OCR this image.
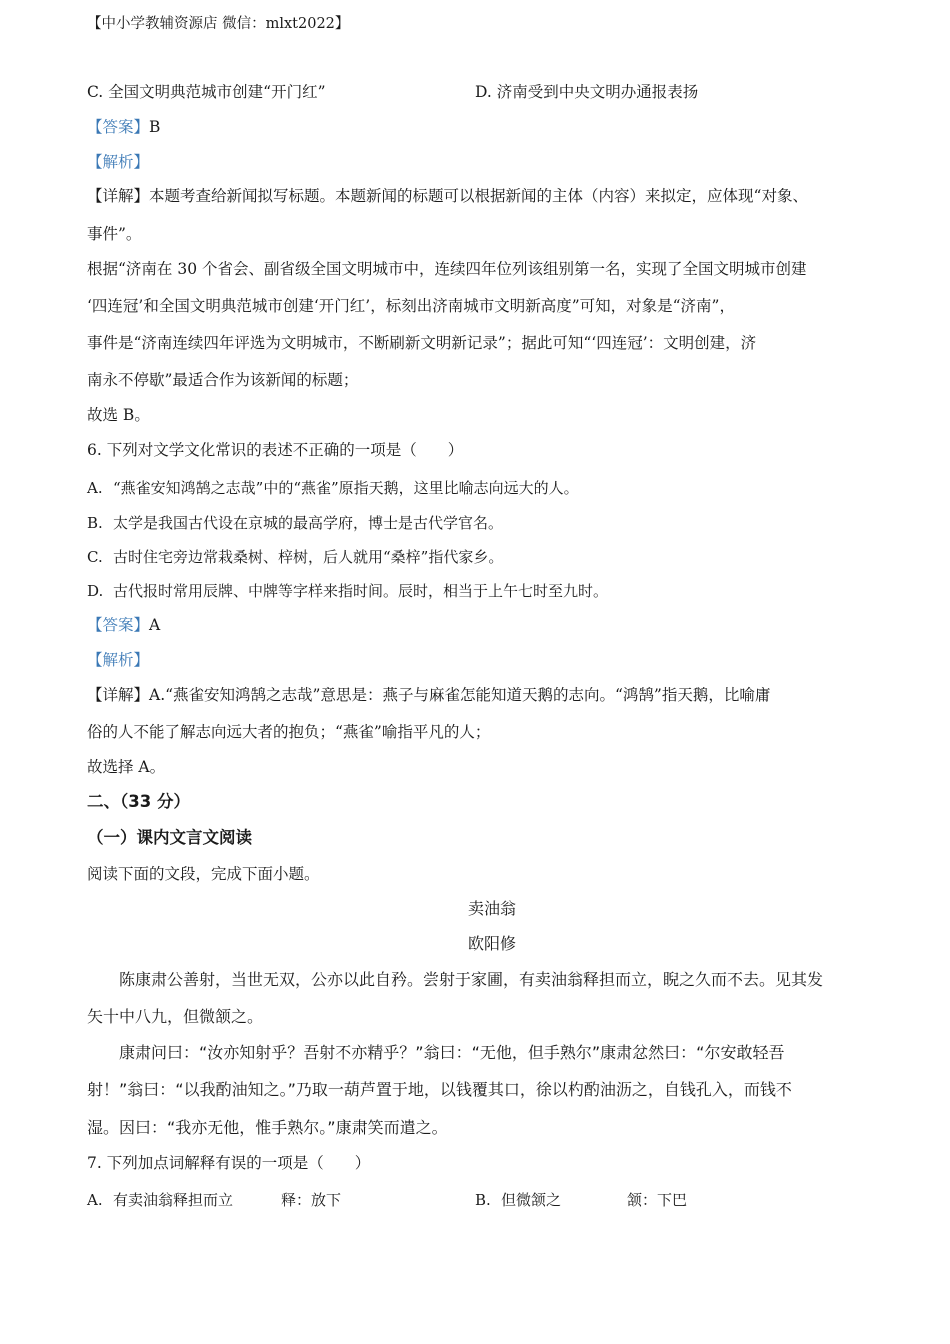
【中小学教辅资源店 微信：mlxt2022】
C. 全国文明典范城市创建“开门红”	D. 济南受到中央文明办通报表扬
【答案】B
【解析】
【详解】本题考查给新闻拟写标题。本题新闻的标题可以根据新闻的主体（内容）来拟定，应体现“对象、
事件”。
根据“济南在 30 个省会、副省级全国文明城市中，连续四年位列该组别第一名，实现了全国文明城市创建
‘四连冠’和全国文明典范城市创建‘开门红’，标刻出济南城市文明新高度”可知，对象是“济南”，
事件是“济南连续四年评选为文明城市，不断刷新文明新记录”；据此可知“‘四连冠’：文明创建，济
南永不停歇”最适合作为该新闻的标题；
故选 B。
6. 下列对文学文化常识的表述不正确的一项是（　　）
A. “燕雀安知鸿鹄之志哉”中的“燕雀”原指天鹅，这里比喻志向远大的人。
B. 太学是我国古代设在京城的最高学府，博士是古代学官名。
C. 古时住宅旁边常栽桑树、梓树，后人就用“桑梓”指代家乡。
D. 古代报时常用辰牌、中牌等字样来指时间。辰时，相当于上午七时至九时。
【答案】A
【解析】
【详解】A.“燕雀安知鸿鹄之志哉”意思是：燕子与麻雀怎能知道天鹅的志向。“鸿鹄”指天鹅，比喻庸
俗的人不能了解志向远大者的抱负；“燕雀”喻指平凡的人；
故选择 A。
二、（33 分）
（一）课内文言文阅读
阅读下面的文段，完成下面小题。
卖油翁
欧阳修
陈康肃公善射，当世无双，公亦以此自矜。尝射于家圃，有卖油翁释担而立，睨之久而不去。见其发
矢十中八九，但微颔之。
康肃问曰：“汝亦知射乎？吾射不亦精乎？”翁曰：“无他，但手熟尔”康肃忿然曰：“尔安敢轻吾
射！”翁曰：“以我酌油知之。”乃取一葫芦置于地，以钱覆其口，徐以杓酌油沥之，自钱孔入，而钱不
湿。因曰：“我亦无他，惟手熟尔。”康肃笑而遣之。
7. 下列加点词解释有误的一项是（　　）
A. 有卖油翁释担而立	释：放下	B. 但微颔之	颔：下巴
